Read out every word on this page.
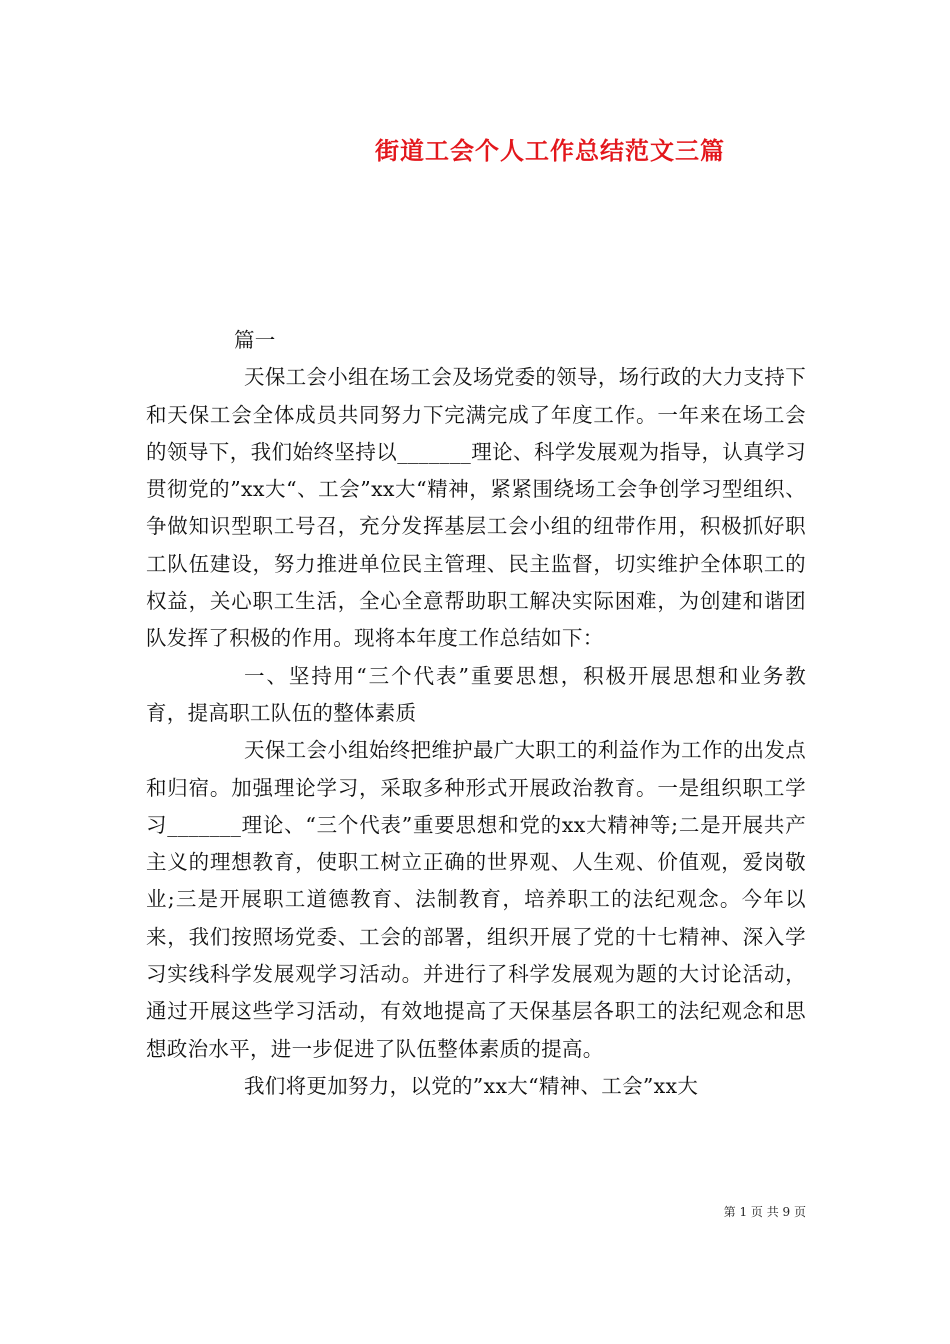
街道工会个人工作总结范文三篇

篇一

天保工会小组在场工会及场党委的领导，场行政的大力支持下和天保工会全体成员共同努力下完满完成了年度工作。一年来在场工会的领导下，我们始终坚持以_______理论、科学发展观为指导，认真学习贯彻党的”xx大“、工会”xx大“精神，紧紧围绕场工会争创学习型组织、争做知识型职工号召，充分发挥基层工会小组的纽带作用，积极抓好职工队伍建设，努力推进单位民主管理、民主监督，切实维护全体职工的权益，关心职工生活，全心全意帮助职工解决实际困难，为创建和谐团队发挥了积极的作用。现将本年度工作总结如下：

一、坚持用“三个代表”重要思想，积极开展思想和业务教育，提高职工队伍的整体素质

天保工会小组始终把维护最广大职工的利益作为工作的出发点和归宿。加强理论学习，采取多种形式开展政治教育。一是组织职工学习_______理论、“三个代表”重要思想和党的xx大精神等;二是开展共产主义的理想教育，使职工树立正确的世界观、人生观、价值观，爱岗敬业;三是开展职工道德教育、法制教育，培养职工的法纪观念。今年以来，我们按照场党委、工会的部署，组织开展了党的十七精神、深入学习实线科学发展观学习活动。并进行了科学发展观为题的大讨论活动，通过开展这些学习活动，有效地提高了天保基层各职工的法纪观念和思想政治水平，进一步促进了队伍整体素质的提高。

我们将更加努力，以党的”xx大“精神、工会”xx大

第 1 页 共 9 页
